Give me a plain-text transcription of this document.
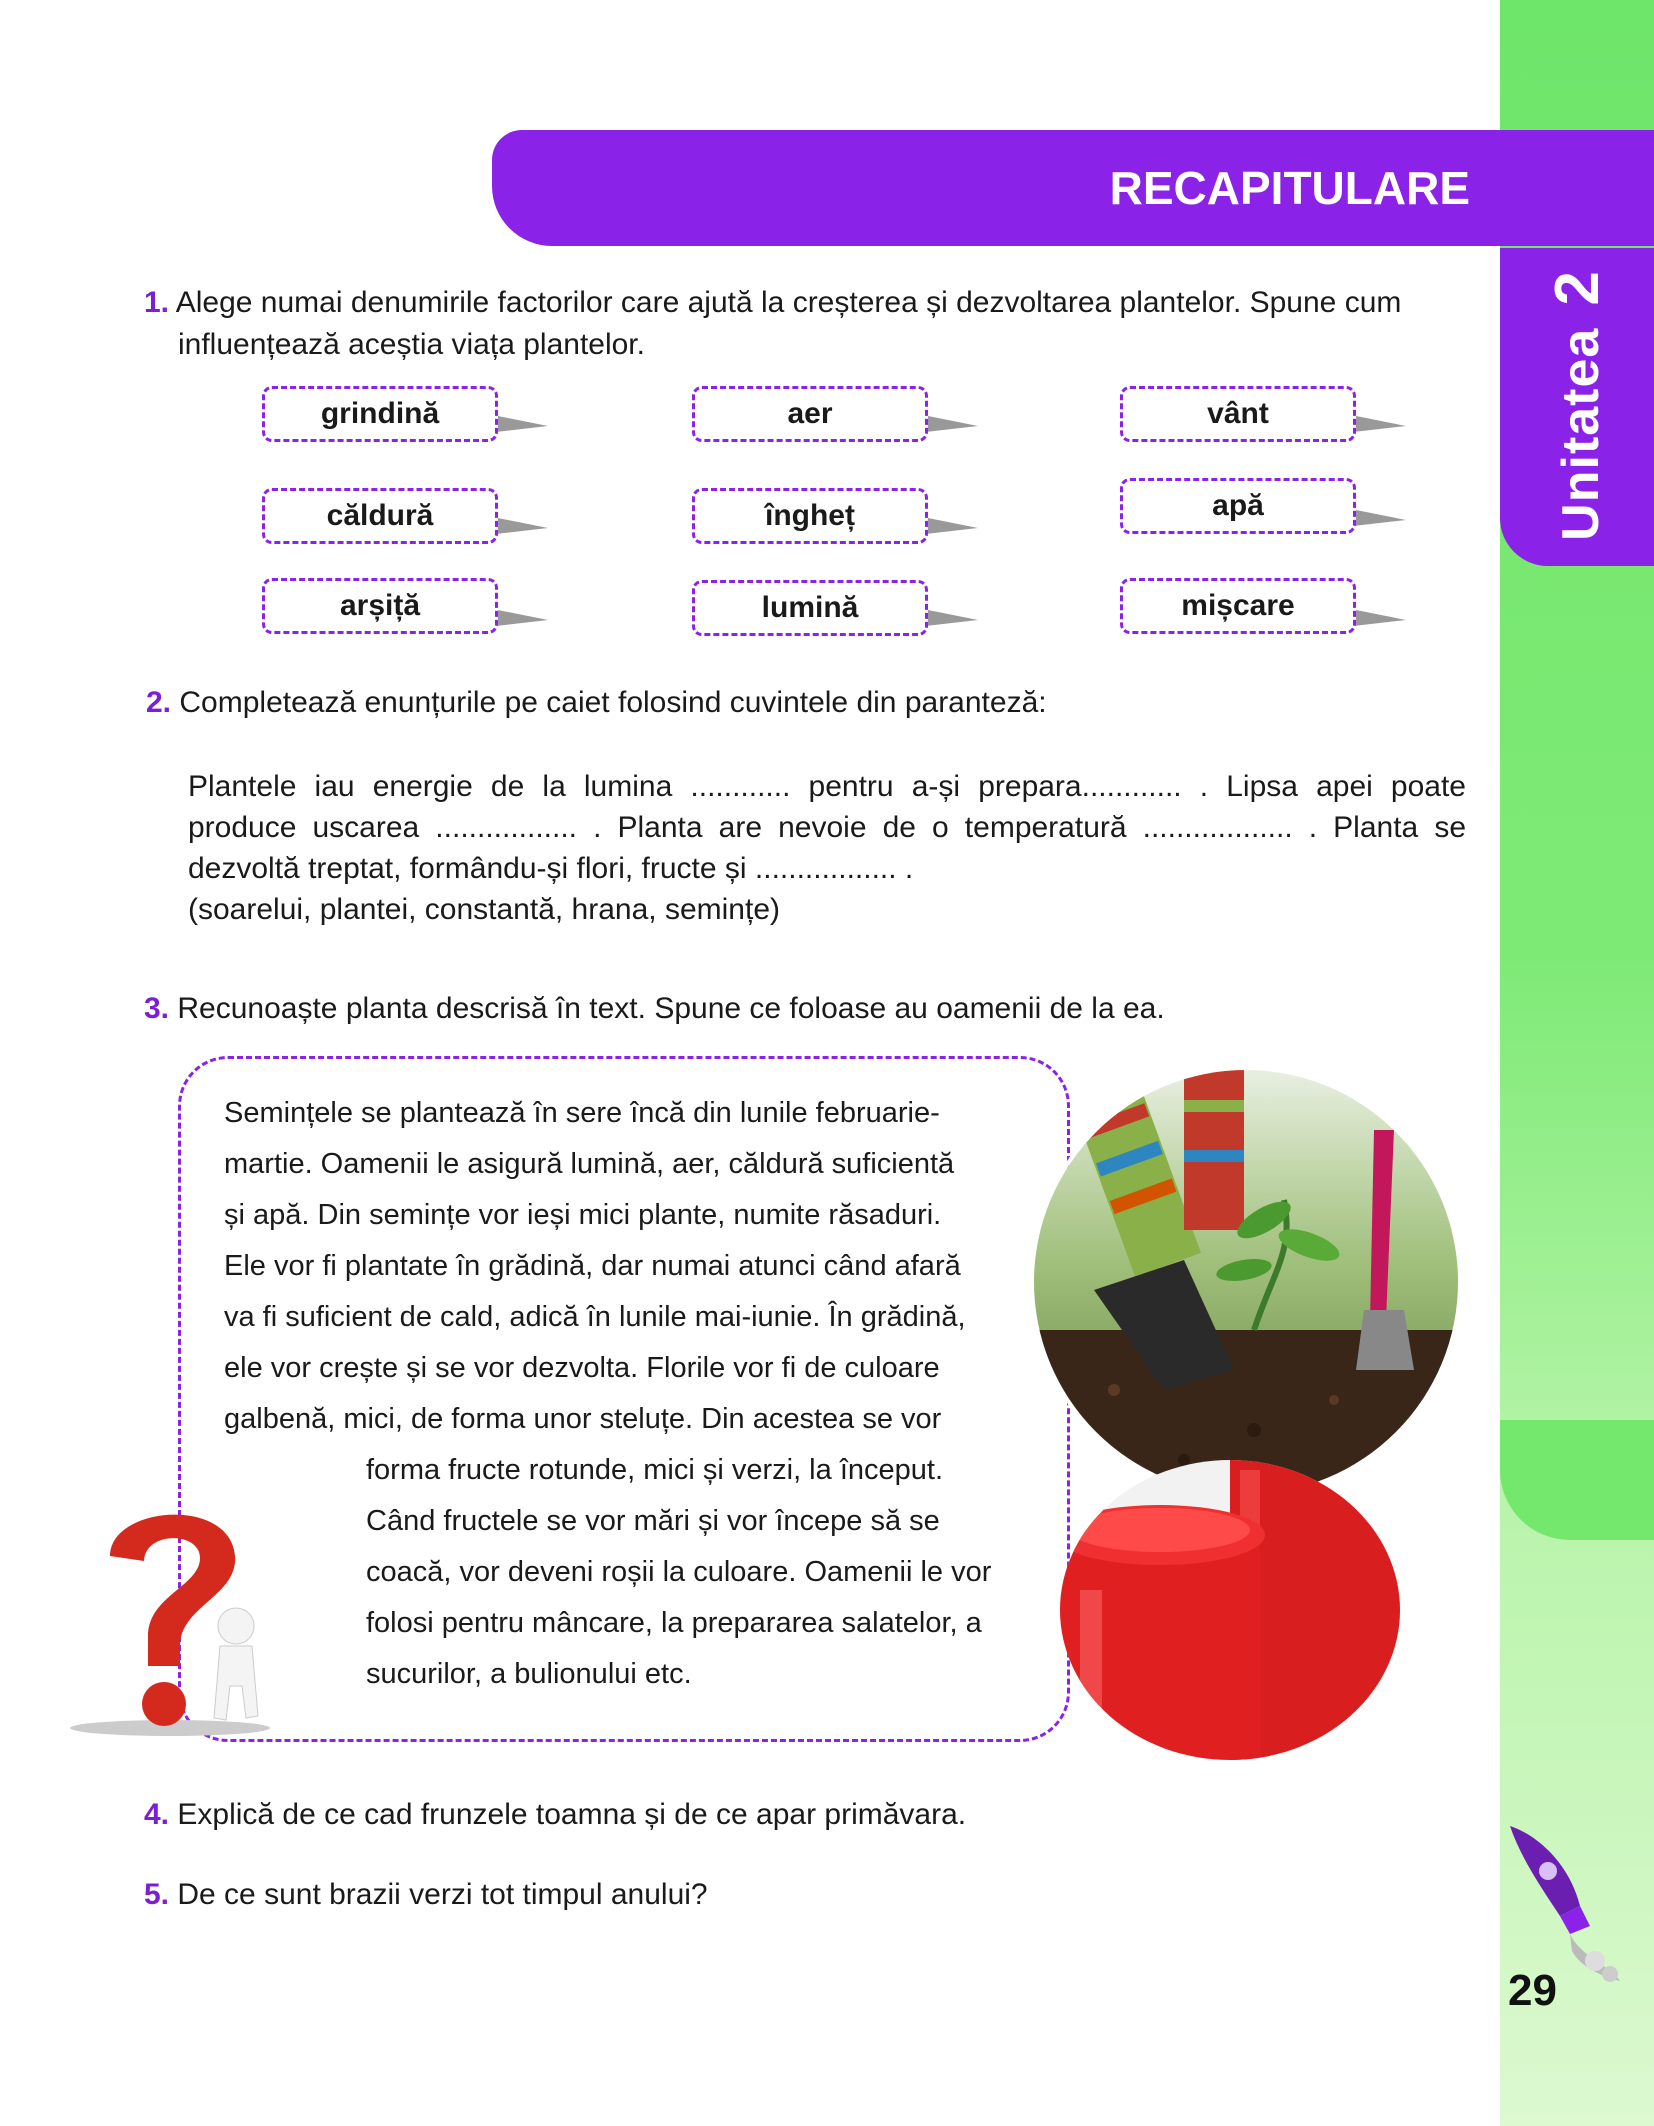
Unitatea2
RECAPITULARE
1. Alege numai denumirile factorilor care ajută la creșterea și dezvoltarea plantelor. Spune cum
influențează aceștia viața plantelor.
grindină	aer	vânt
căldură	îngheț	apă
arșiță	lumină	mișcare
2. Completează enunțurile pe caiet folosind cuvintele din paranteză:
Plantele iau energie de la lumina ............ pentru a-și prepara............ . Lipsa apei poate
produce uscarea ................. . Planta are nevoie de o temperatură .................. . Planta se
dezvoltă treptat, formându-și flori, fructe și ................. .
(soarelui, plantei, constantă, hrana, semințe)
3. Recunoaște planta descrisă în text. Spune ce foloase au oamenii de la ea.
Semințele se plantează în sere încă din lunile februarie-
martie. Oamenii le asigură lumină, aer, căldură suficientă
și apă. Din semințe vor ieși mici plante, numite răsaduri.
Ele vor fi plantate în grădină, dar numai atunci când afară
va fi suficient de cald, adică în lunile mai-iunie. În grădină,
ele vor crește și se vor dezvolta. Florile vor fi de culoare
galbenă, mici, de forma unor steluțe. Din acestea se vor
forma fructe rotunde, mici și verzi, la început.
Când fructele se vor mări și vor începe să se
coacă, vor deveni roșii la culoare. Oamenii le vor
folosi pentru mâncare, la prepararea salatelor, a
sucurilor, a bulionului etc.
4. Explică de ce cad frunzele toamna și de ce apar primăvara.
5. De ce sunt brazii verzi tot timpul anului?
29
